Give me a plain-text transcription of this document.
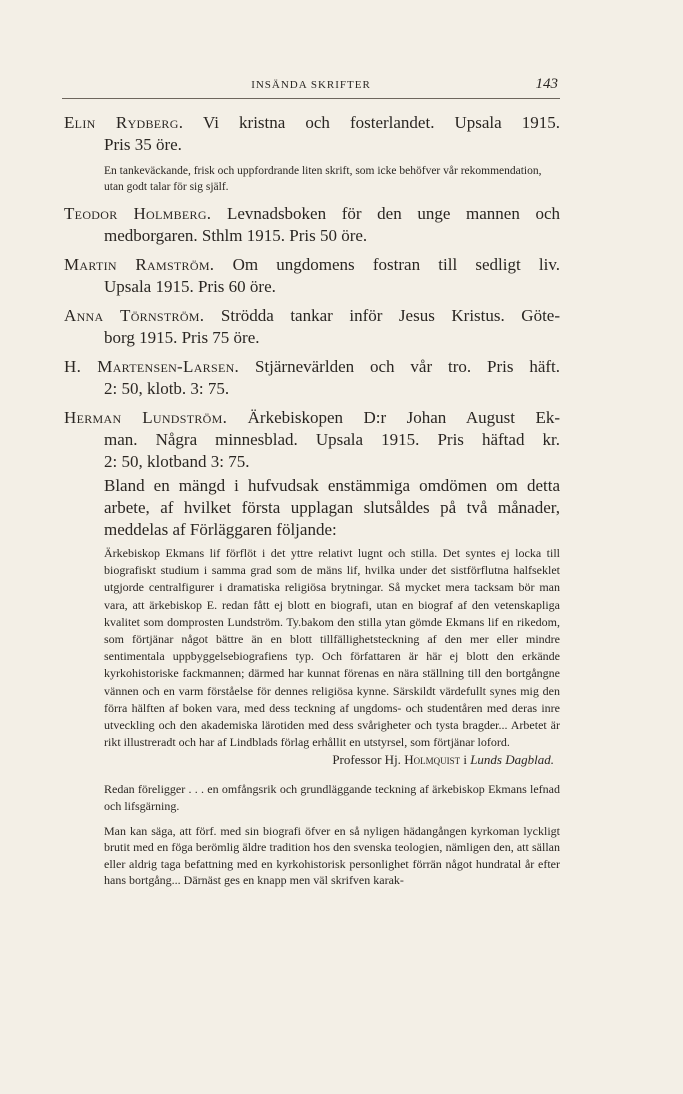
INSÄNDA SKRIFTER	143
Elin Rydberg. Vi kristna och fosterlandet. Upsala 1915.
Pris 35 öre.
En tankeväckande, frisk och uppfordrande liten skrift, som icke behöfver vår rekommendation, utan godt talar för sig själf.
Teodor Holmberg. Levnadsboken för den unge mannen och
medborgaren. Sthlm 1915. Pris 50 öre.
Martin Ramström. Om ungdomens fostran till sedligt liv.
Upsala 1915. Pris 60 öre.
Anna Törnström. Strödda tankar inför Jesus Kristus. Göte-
borg 1915. Pris 75 öre.
H. Martensen-Larsen. Stjärnevärlden och vår tro. Pris häft.
2: 50, klotb. 3: 75.
Herman Lundström. Ärkebiskopen D:r Johan August Ek-
man. Några minnesblad. Upsala 1915. Pris häftad kr.
2: 50, klotband 3: 75.
Bland en mängd i hufvudsak enstämmiga omdömen om detta arbete, af hvilket första upplagan slutsåldes på två månader, meddelas af Förläggaren följande:
Ärkebiskop Ekmans lif förflöt i det yttre relativt lugnt och stilla. Det syntes ej locka till biografiskt studium i samma grad som de mäns lif, hvilka under det sistförflutna halfseklet utgjorde centralfigurer i dramatiska religiösa brytningar. Så mycket mera tacksam bör man vara, att ärkebiskop E. redan fått ej blott en biografi, utan en biograf af den vetenskapliga kvalitet som domprosten Lundström. Ty.bakom den stilla ytan gömde Ekmans lif en rikedom, som förtjänar något bättre än en blott tillfällighetsteckning af den mer eller mindre sentimentala uppbyggelsebiografiens typ. Och författaren är här ej blott den erkände kyrkohistoriske fackmannen; därmed har kunnat förenas en nära ställning till den bortgångne vännen och en varm förståelse för dennes religiösa kynne. Särskildt värdefullt synes mig den förra hälften af boken vara, med dess teckning af ungdoms- och studentåren med deras inre utveckling och den akademiska lärotiden med dess svårigheter och tysta bragder... Arbetet är rikt illustreradt och har af Lindblads förlag erhållit en utstyrsel, som förtjänar loford.
Professor Hj. Holmquist i Lunds Dagblad.
Redan föreligger . . . en omfångsrik och grundläggande teckning af ärkebiskop Ekmans lefnad och lifsgärning.
Man kan säga, att förf. med sin biografi öfver en så nyligen hädangången kyrkoman lyckligt brutit med en föga berömlig äldre tradition hos den svenska teologien, nämligen den, att sällan eller aldrig taga befattning med en kyrkohistorisk personlighet förrän något hundratal år efter hans bortgång... Därnäst ges en knapp men väl skrifven karak-
